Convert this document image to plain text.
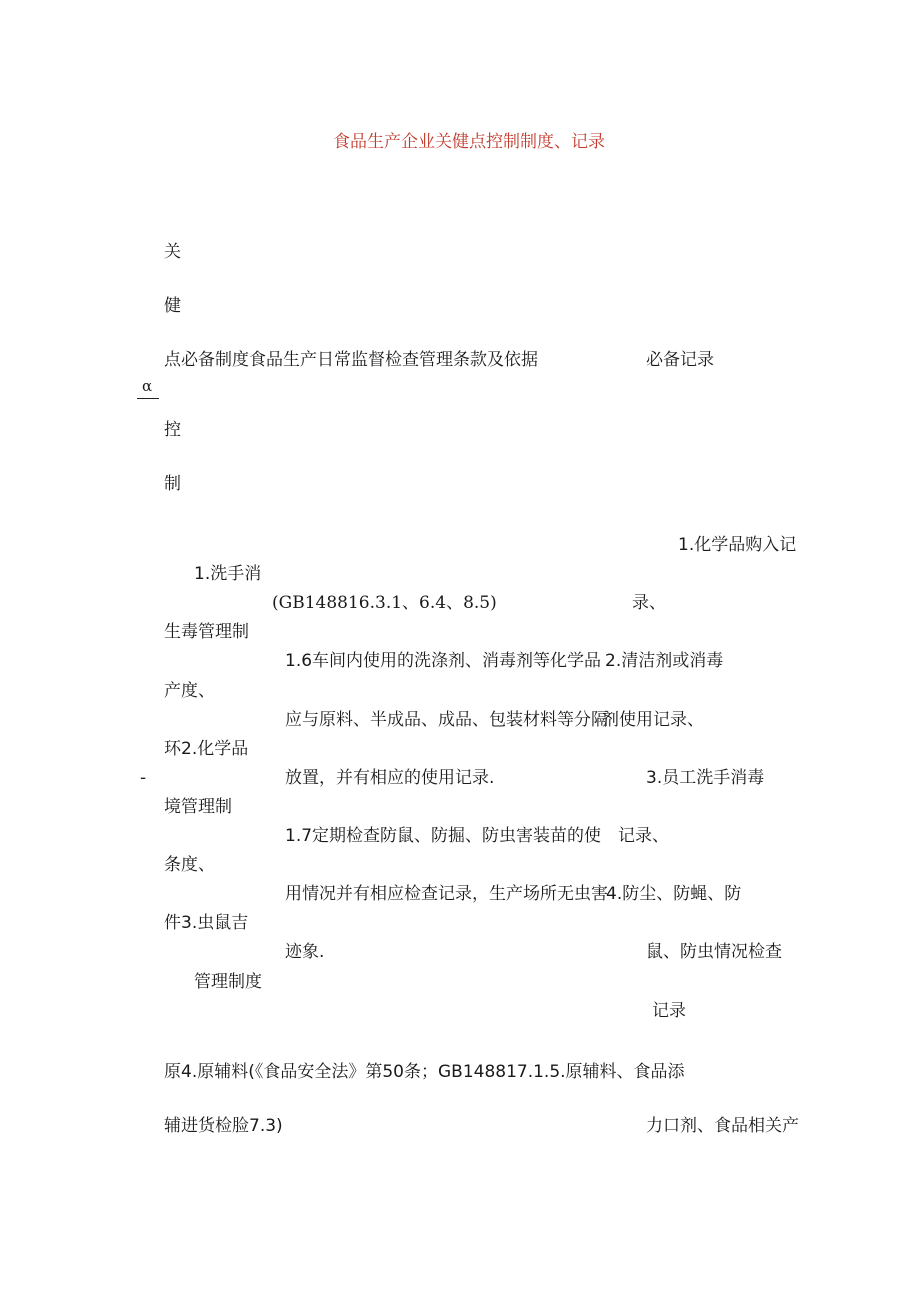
食品生产企业关健点控制制度、记录
关
健
点 必备制度 食品生产日常监督检查管理条款及依据	必备记录
α
控
制
1.洗手消
生毒管理制
产度、
环2.化学品
-
境管理制
条度、
件3.虫鼠吉
管理制度
(GB148816.3.1、6.4、8.5)
1.6车间内使用的洗涤剂、消毒剂等化学品
应与原料、半成品、成品、包装材料等分隔
放置，并有相应的使用记录.
1.7定期检查防鼠、防掘、防虫害装苗的使
用情况并有相应检查记录，生产场所无虫害
迹象.
1.化学品购入记
录、
2.清洁剂或消毒
剂使用记录、
3.员工洗手消毒
记录、
4.防尘、防蝇、防
鼠、防虫情况检查
记录
原4.原辅料(《食品安全法》第50条；GB148817.1.5.原辅料、食品添
辅进货检脸7.3)	力口剂、食品相关产
